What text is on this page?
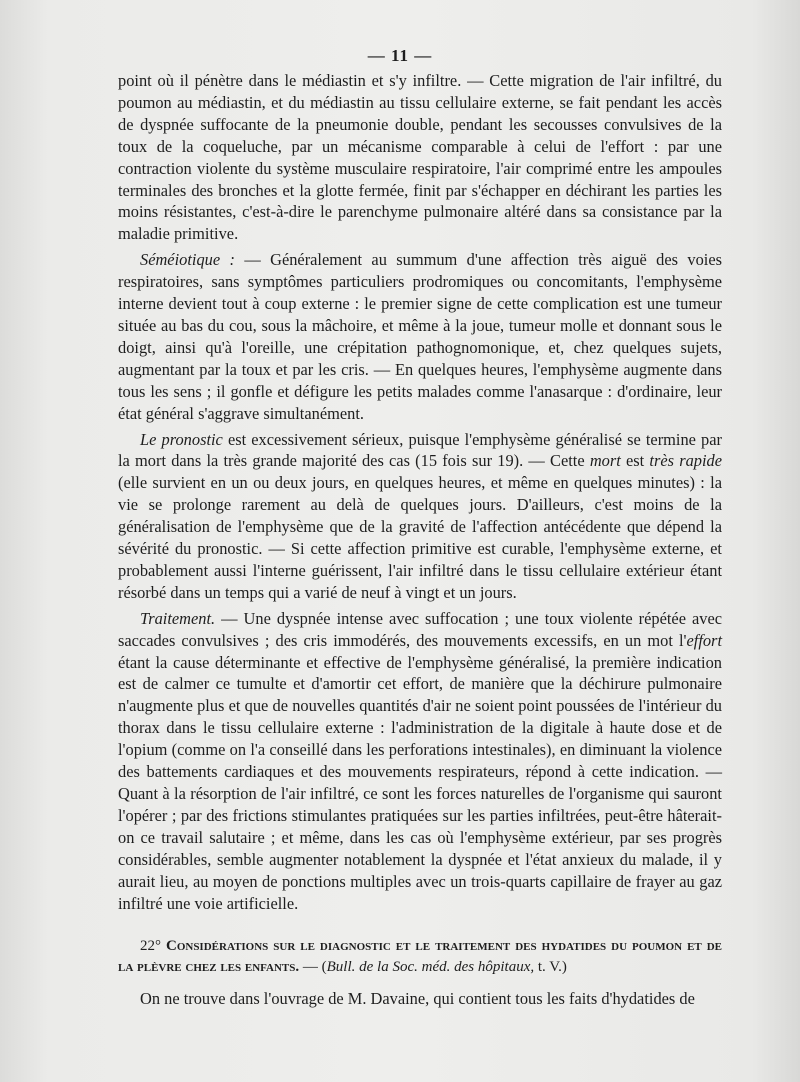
— 11 —

point où il pénètre dans le médiastin et s'y infiltre. — Cette migration de l'air infiltré, du poumon au médiastin, et du médiastin au tissu cellulaire externe, se fait pendant les accès de dyspnée suffocante de la pneumonie double, pendant les secousses convulsives de la toux de la coqueluche, par un mécanisme comparable à celui de l'effort : par une contraction violente du système musculaire respiratoire, l'air comprimé entre les ampoules terminales des bronches et la glotte fermée, finit par s'échapper en déchirant les parties les moins résistantes, c'est-à-dire le parenchyme pulmonaire altéré dans sa consistance par la maladie primitive.

Séméiotique : — Généralement au summum d'une affection très aiguë des voies respiratoires, sans symptômes particuliers prodromiques ou concomitants, l'emphysème interne devient tout à coup externe : le premier signe de cette complication est une tumeur située au bas du cou, sous la mâchoire, et même à la joue, tumeur molle et donnant sous le doigt, ainsi qu'à l'oreille, une crépitation pathognomonique, et, chez quelques sujets, augmentant par la toux et par les cris. — En quelques heures, l'emphysème augmente dans tous les sens ; il gonfle et défigure les petits malades comme l'anasarque : d'ordinaire, leur état général s'aggrave simultanément.

Le pronostic est excessivement sérieux, puisque l'emphysème généralisé se termine par la mort dans la très grande majorité des cas (15 fois sur 19). — Cette mort est très rapide (elle survient en un ou deux jours, en quelques heures, et même en quelques minutes) : la vie se prolonge rarement au delà de quelques jours. D'ailleurs, c'est moins de la généralisation de l'emphysème que de la gravité de l'affection antécédente que dépend la sévérité du pronostic. — Si cette affection primitive est curable, l'emphysème externe, et probablement aussi l'interne guérissent, l'air infiltré dans le tissu cellulaire extérieur étant résorbé dans un temps qui a varié de neuf à vingt et un jours.

Traitement. — Une dyspnée intense avec suffocation ; une toux violente répétée avec saccades convulsives ; des cris immodérés, des mouvements excessifs, en un mot l'effort étant la cause déterminante et effective de l'emphysème généralisé, la première indication est de calmer ce tumulte et d'amortir cet effort, de manière que la déchirure pulmonaire n'augmente plus et que de nouvelles quantités d'air ne soient point poussées de l'intérieur du thorax dans le tissu cellulaire externe : l'administration de la digitale à haute dose et de l'opium (comme on l'a conseillé dans les perforations intestinales), en diminuant la violence des battements cardiaques et des mouvements respirateurs, répond à cette indication. — Quant à la résorption de l'air infiltré, ce sont les forces naturelles de l'organisme qui sauront l'opérer ; par des frictions stimulantes pratiquées sur les parties infiltrées, peut-être hâterait-on ce travail salutaire ; et même, dans les cas où l'emphysème extérieur, par ses progrès considérables, semble augmenter notablement la dyspnée et l'état anxieux du malade, il y aurait lieu, au moyen de ponctions multiples avec un trois-quarts capillaire de frayer au gaz infiltré une voie artificielle.

22° Considérations sur le diagnostic et le traitement des hydatides du poumon et de la plèvre chez les enfants. — (Bull. de la Soc. méd. des hôpitaux, t. V.)

On ne trouve dans l'ouvrage de M. Davaine, qui contient tous les faits d'hydatides de
